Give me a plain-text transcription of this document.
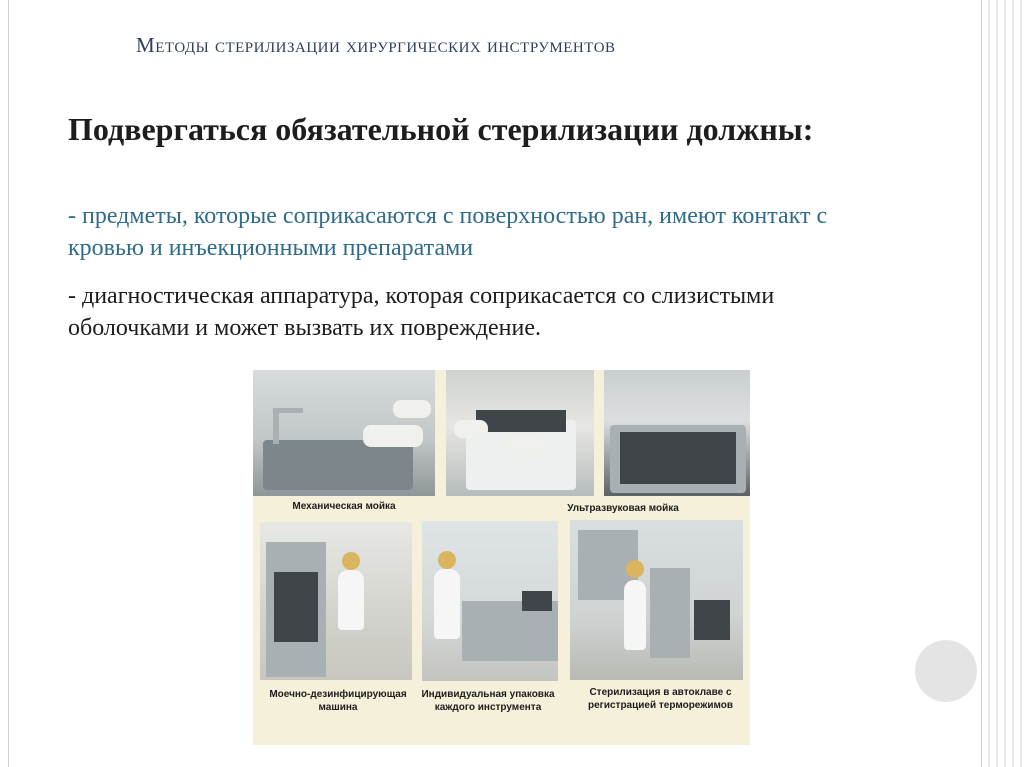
Методы стерилизации хирургических инструментов
Подвергаться обязательной стерилизации должны:
- предметы, которые соприкасаются с поверхностью ран, имеют контакт с кровью и инъекционными препаратами
- диагностическая аппаратура, которая соприкасается со слизистыми оболочками и может вызвать их повреждение.
Механическая мойка	Ультразвуковая мойка
Моечно-дезинфицирующая машина
Индивидуальная упаковка каждого инструмента
Стерилизация в автоклаве с регистрацией терморежимов
